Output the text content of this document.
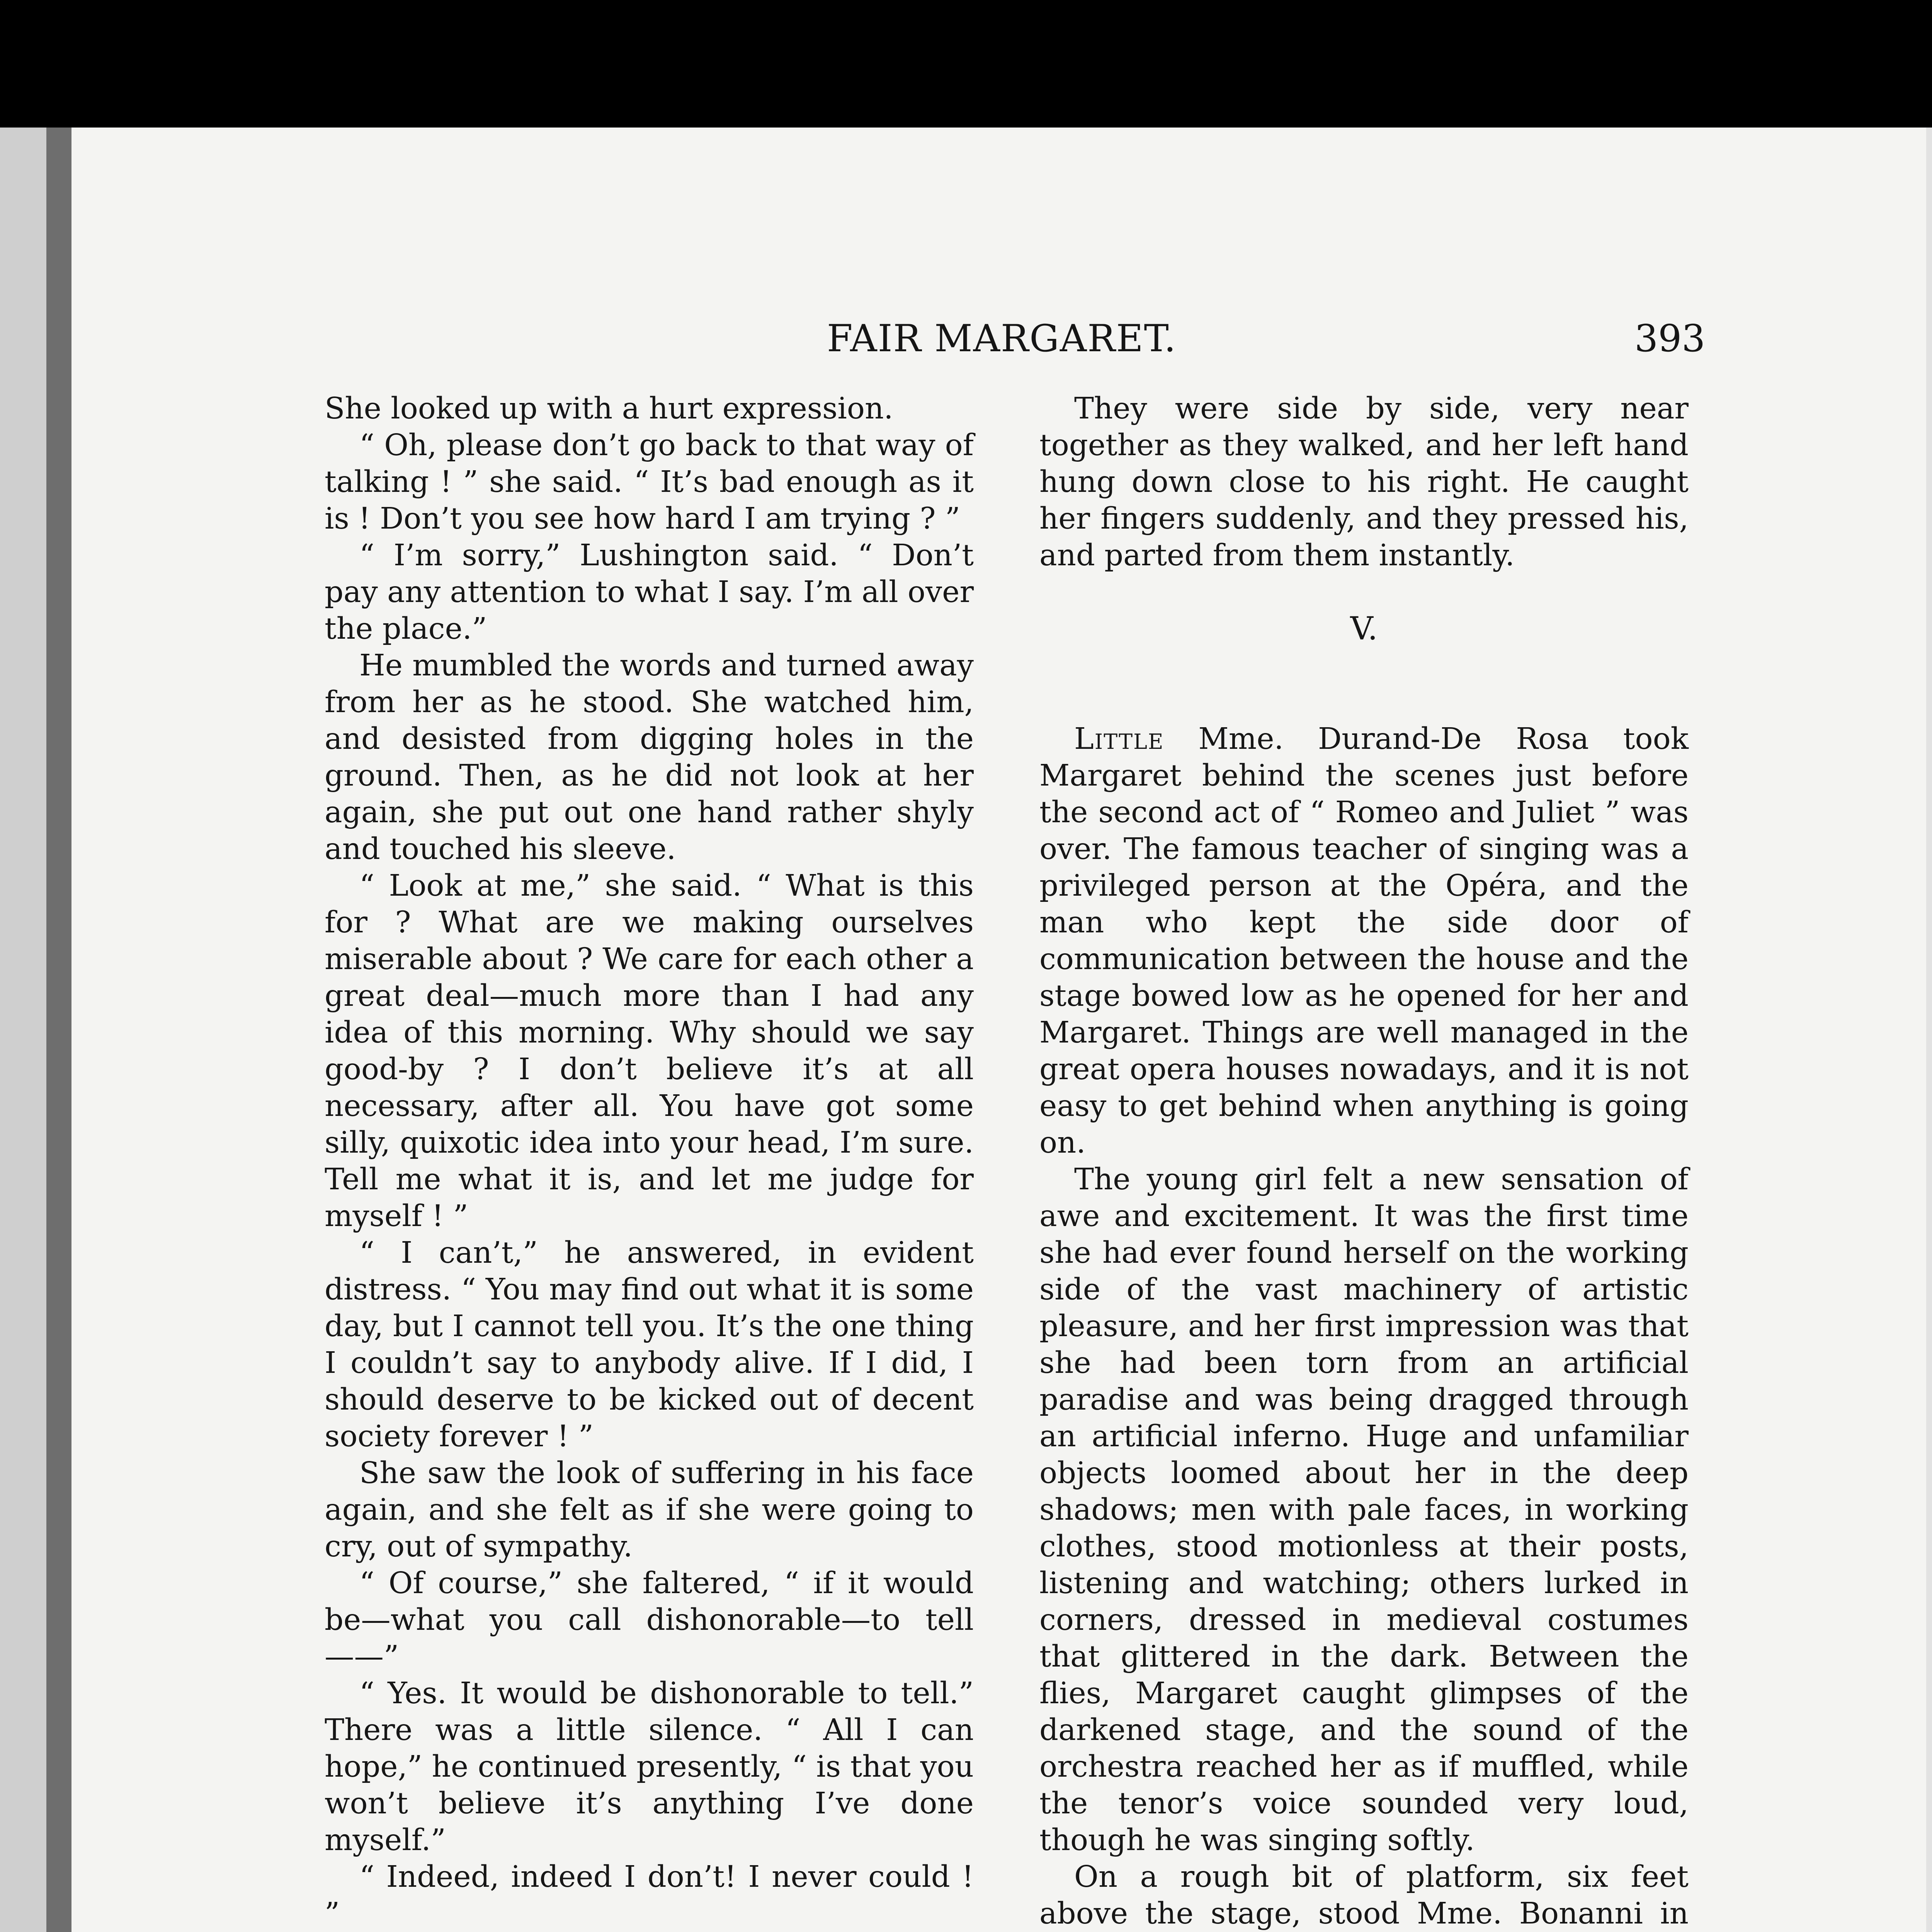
FAIR MARGARET.	393

She looked up with a hurt expression.

“ Oh, please don’t go back to that way of talking ! ” she said. “ It’s bad enough as it is ! Don’t you see how hard I am trying ? ”

“ I’m sorry,” Lushington said. “ Don’t pay any attention to what I say. I’m all over the place.”

He mumbled the words and turned away from her as he stood. She watched him, and desisted from digging holes in the ground. Then, as he did not look at her again, she put out one hand rather shyly and touched his sleeve.

“ Look at me,” she said. “ What is this for ? What are we making ourselves miserable about ? We care for each other a great deal—much more than I had any idea of this morning. Why should we say good-by ? I don’t believe it’s at all necessary, after all. You have got some silly, quixotic idea into your head, I’m sure. Tell me what it is, and let me judge for myself ! ”

“ I can’t,” he answered, in evident distress. “ You may find out what it is some day, but I cannot tell you. It’s the one thing I couldn’t say to anybody alive. If I did, I should deserve to be kicked out of decent society forever ! ”

She saw the look of suffering in his face again, and she felt as if she were going to cry, out of sympathy.

“ Of course,” she faltered, “ if it would be—what you call dishonorable—to tell——”

“ Yes. It would be dishonorable to tell.” There was a little silence. “ All I can hope,” he continued presently, “ is that you won’t believe it’s anything I’ve done myself.”

“ Indeed, indeed I don’t! I never could ! ”

They were side by side, very near together as they walked, and her left hand hung down close to his right. He caught her fingers suddenly, and they pressed his, and parted from them instantly.

V.

Little Mme. Durand-De Rosa took Margaret behind the scenes just before the second act of “ Romeo and Juliet ” was over. The famous teacher of singing was a privileged person at the Opéra, and the man who kept the side door of communication between the house and the stage bowed low as he opened for her and Margaret. Things are well managed in the great opera houses nowadays, and it is not easy to get behind when anything is going on.

The young girl felt a new sensation of awe and excitement. It was the first time she had ever found herself on the working side of the vast machinery of artistic pleasure, and her first impression was that she had been torn from an artificial paradise and was being dragged through an artificial inferno. Huge and unfamiliar objects loomed about her in the deep shadows; men with pale faces, in working clothes, stood motionless at their posts, listening and watching; others lurked in corners, dressed in medieval costumes that glittered in the dark. Between the flies, Margaret caught glimpses of the darkened stage, and the sound of the orchestra reached her as if muffled, while the tenor’s voice sounded very loud, though he was singing softly.

On a rough bit of platform, six feet above the stage, stood Mme. Bonanni in
